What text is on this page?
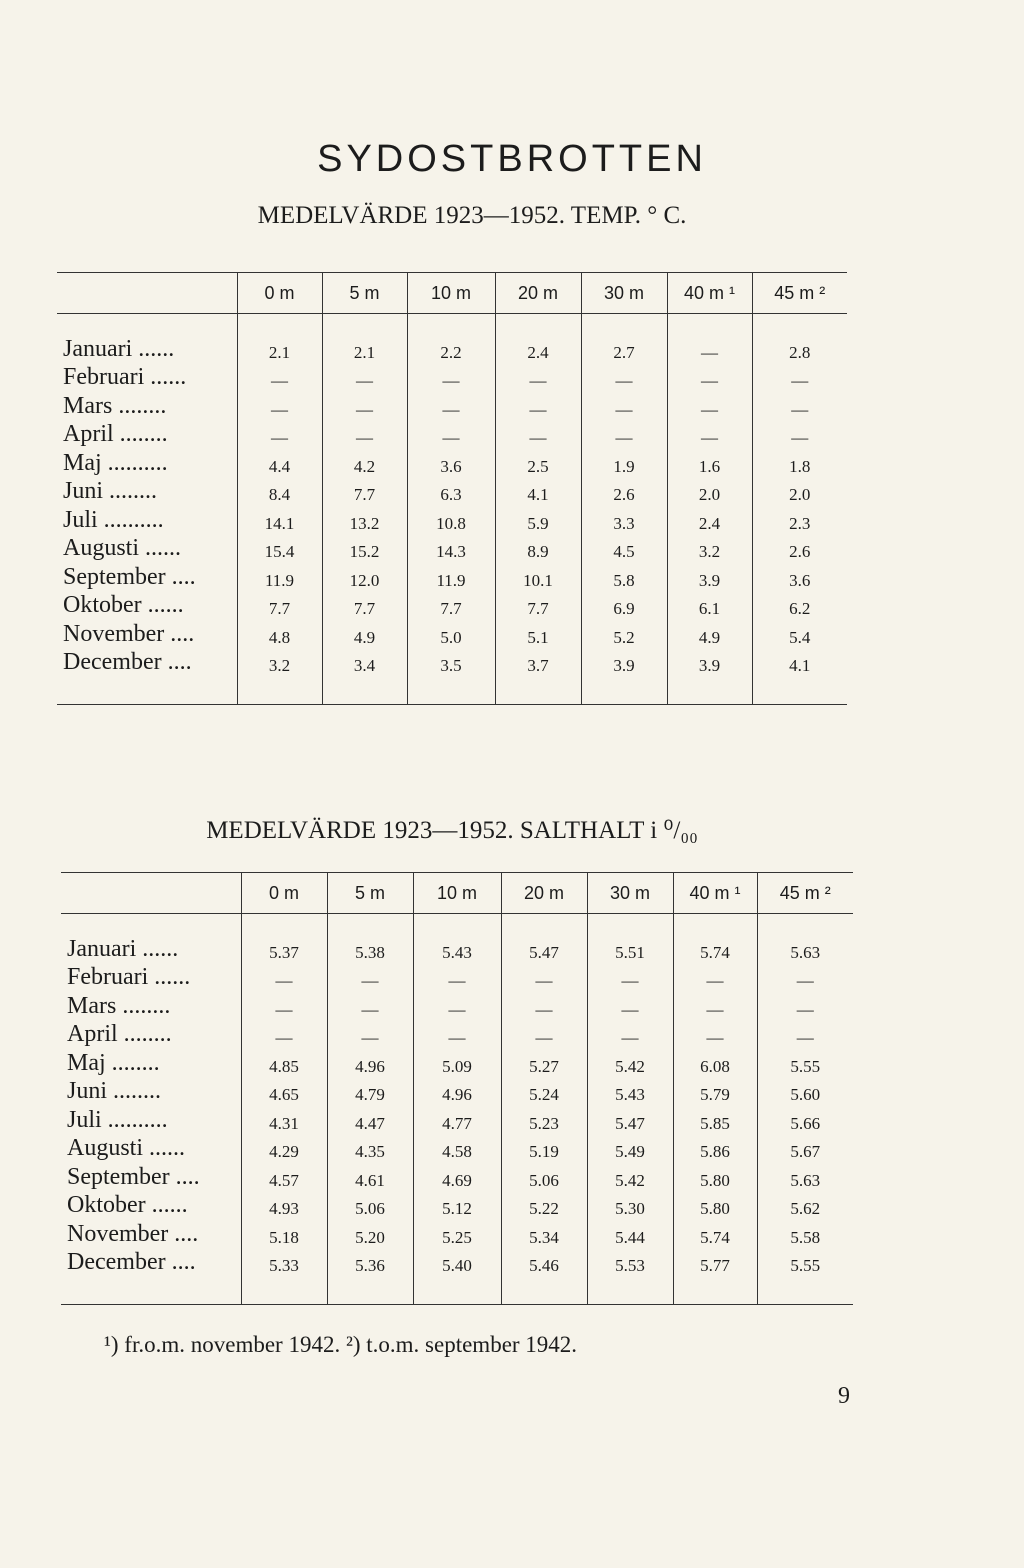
SYDOSTBROTTEN
MEDELVÄRDE 1923—1952. TEMP. ° C.
	0 m	5 m	10 m	20 m	30 m	40 m ¹	45 m ²

Januari ......	2.1	2.1	2.2	2.4	2.7	—	2.8
Februari ......	—	—	—	—	—	—	—
Mars ........	—	—	—	—	—	—	—
April ........	—	—	—	—	—	—	—
Maj ..........	4.4	4.2	3.6	2.5	1.9	1.6	1.8
Juni ........	8.4	7.7	6.3	4.1	2.6	2.0	2.0
Juli ..........	14.1	13.2	10.8	5.9	3.3	2.4	2.3
Augusti ......	15.4	15.2	14.3	8.9	4.5	3.2	2.6
September ....	11.9	12.0	11.9	10.1	5.8	3.9	3.6
Oktober ......	7.7	7.7	7.7	7.7	6.9	6.1	6.2
November ....	4.8	4.9	5.0	5.1	5.2	4.9	5.4
December ....	3.2	3.4	3.5	3.7	3.9	3.9	4.1

MEDELVÄRDE 1923—1952. SALTHALT i ⁰/₀₀
	0 m	5 m	10 m	20 m	30 m	40 m ¹	45 m ²

Januari ......	5.37	5.38	5.43	5.47	5.51	5.74	5.63
Februari ......	—	—	—	—	—	—	—
Mars ........	—	—	—	—	—	—	—
April ........	—	—	—	—	—	—	—
Maj ........	4.85	4.96	5.09	5.27	5.42	6.08	5.55
Juni ........	4.65	4.79	4.96	5.24	5.43	5.79	5.60
Juli ..........	4.31	4.47	4.77	5.23	5.47	5.85	5.66
Augusti ......	4.29	4.35	4.58	5.19	5.49	5.86	5.67
September ....	4.57	4.61	4.69	5.06	5.42	5.80	5.63
Oktober ......	4.93	5.06	5.12	5.22	5.30	5.80	5.62
November ....	5.18	5.20	5.25	5.34	5.44	5.74	5.58
December ....	5.33	5.36	5.40	5.46	5.53	5.77	5.55

¹) fr.o.m. november 1942. ²) t.o.m. september 1942.
9
